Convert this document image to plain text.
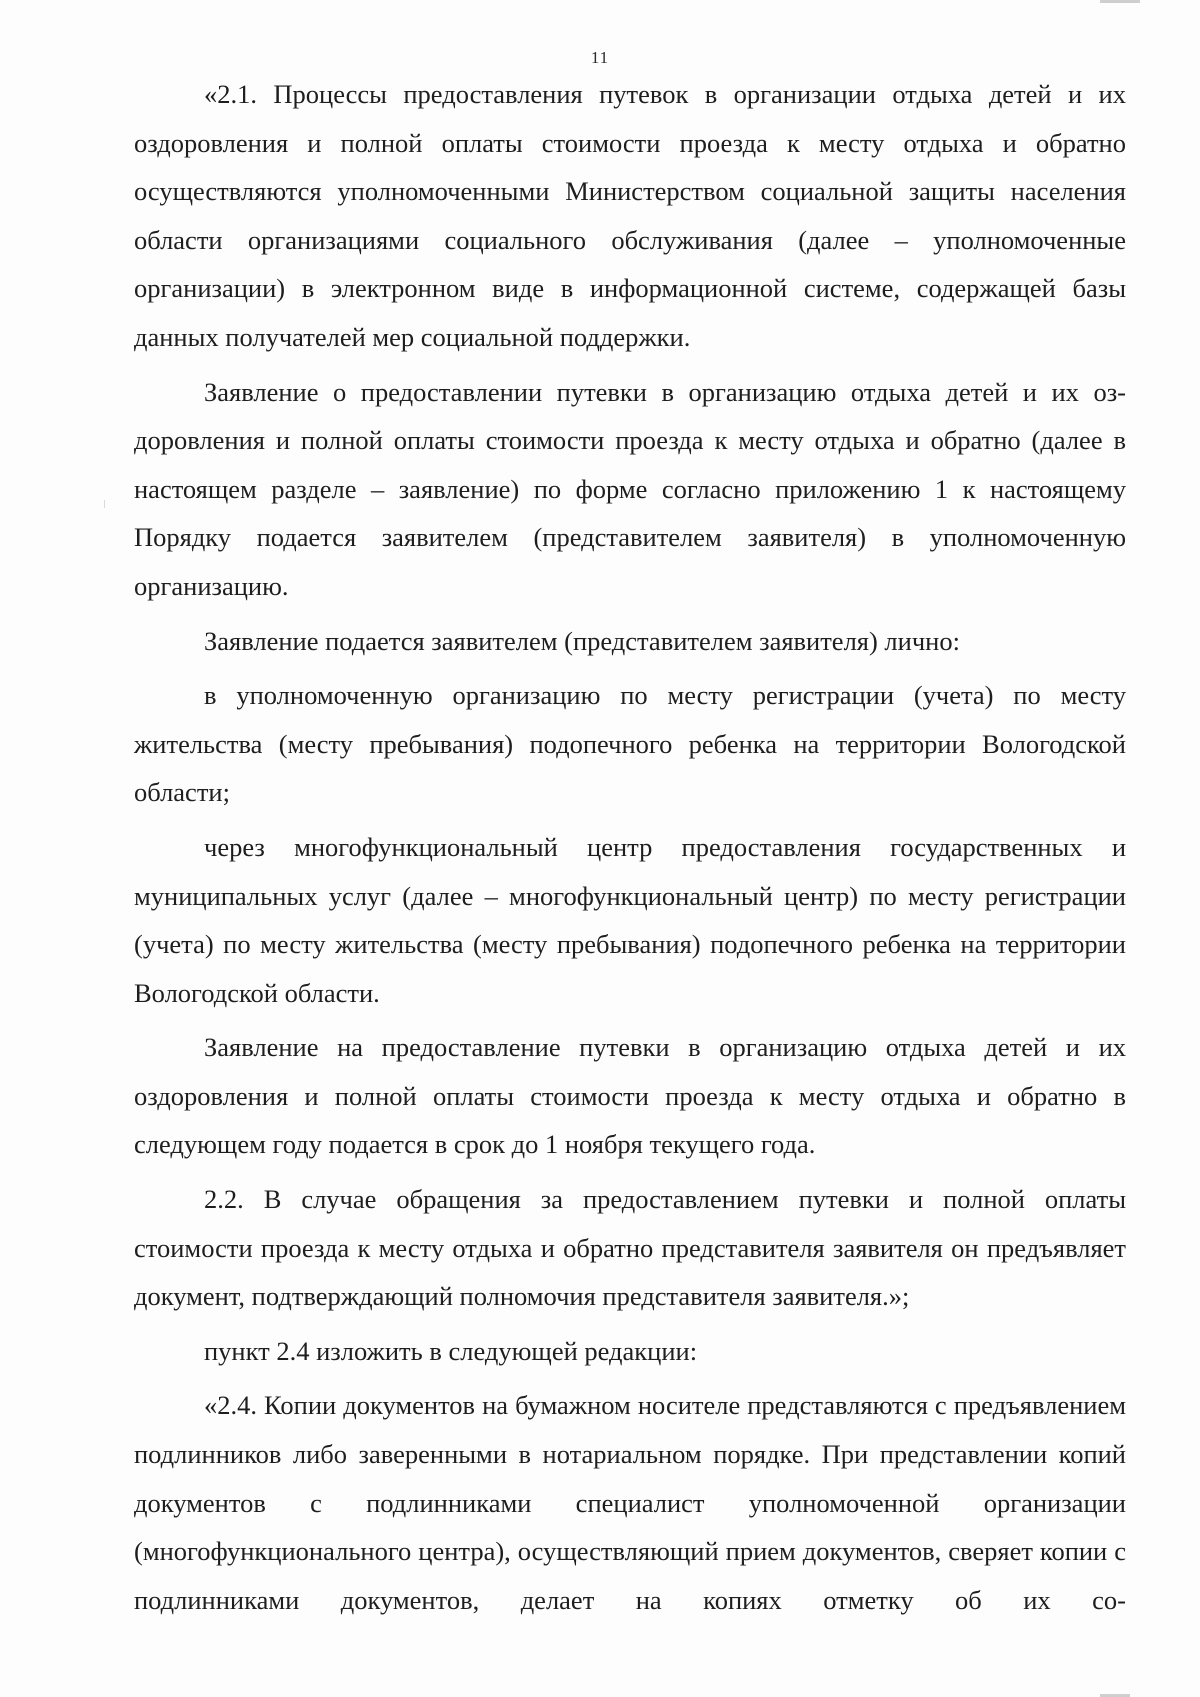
11

«2.1. Процессы предоставления путевок в организации отдыха детей и их оздоровления и полной оплаты стоимости проезда к месту отдыха и обратно осуществляются уполномоченными Министерством социальной защиты населения области организациями социального обслуживания (далее – уполномоченные организации) в электронном виде в информационной системе, содержащей базы данных получателей мер социальной поддержки.

Заявление о предоставлении путевки в организацию отдыха детей и их оздоровления и полной оплаты стоимости проезда к месту отдыха и обратно (далее в настоящем разделе – заявление) по форме согласно приложению 1 к настоящему Порядку подается заявителем (представителем заявителя) в уполномоченную организацию.

Заявление подается заявителем (представителем заявителя) лично:

в уполномоченную организацию по месту регистрации (учета) по месту жительства (месту пребывания) подопечного ребенка на территории Вологодской области;

через многофункциональный центр предоставления государственных и муниципальных услуг (далее – многофункциональный центр) по месту регистрации (учета) по месту жительства (месту пребывания) подопечного ребенка на территории Вологодской области.

Заявление на предоставление путевки в организацию отдыха детей и их оздоровления и полной оплаты стоимости проезда к месту отдыха и обратно в следующем году подается в срок до 1 ноября текущего года.

2.2. В случае обращения за предоставлением путевки и полной оплаты стоимости проезда к месту отдыха и обратно представителя заявителя он предъявляет документ, подтверждающий полномочия представителя заявителя.»;

пункт 2.4 изложить в следующей редакции:

«2.4. Копии документов на бумажном носителе представляются с предъявлением подлинников либо заверенными в нотариальном порядке. При представлении копий документов с подлинниками специалист уполномоченной организации (многофункционального центра), осуществляющий прием документов, сверяет копии с подлинниками документов, делает на копиях отметку об их со-
